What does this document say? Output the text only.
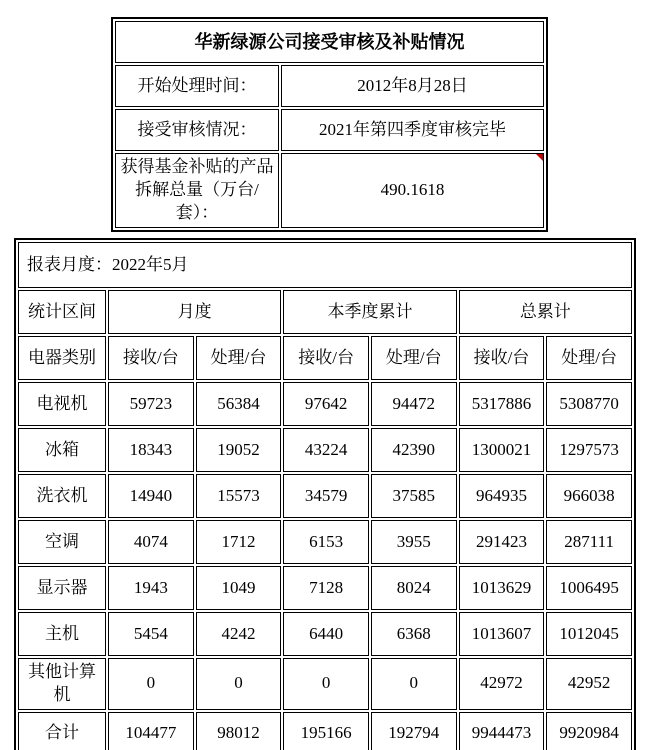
华新绿源公司接受审核及补贴情况	
开始处理时间：	2012年8月28日
接受审核情况：	2021年第四季度审核完毕
获得基金补贴的产品拆解总量（万台/套）：	490.1618
报表月度：2022年5月						
统计区间	月度		本季度累计		总累计	
电器类别	接收/台	处理/台	接收/台	处理/台	接收/台	处理/台
电视机	59723	56384	97642	94472	5317886	5308770
冰箱	18343	19052	43224	42390	1300021	1297573
洗衣机	14940	15573	34579	37585	964935	966038
空调	4074	1712	6153	3955	291423	287111
显示器	1943	1049	7128	8024	1013629	1006495
主机	5454	4242	6440	6368	1013607	1012045
其他计算机	0	0	0	0	42972	42952
合计	104477	98012	195166	192794	9944473	9920984
